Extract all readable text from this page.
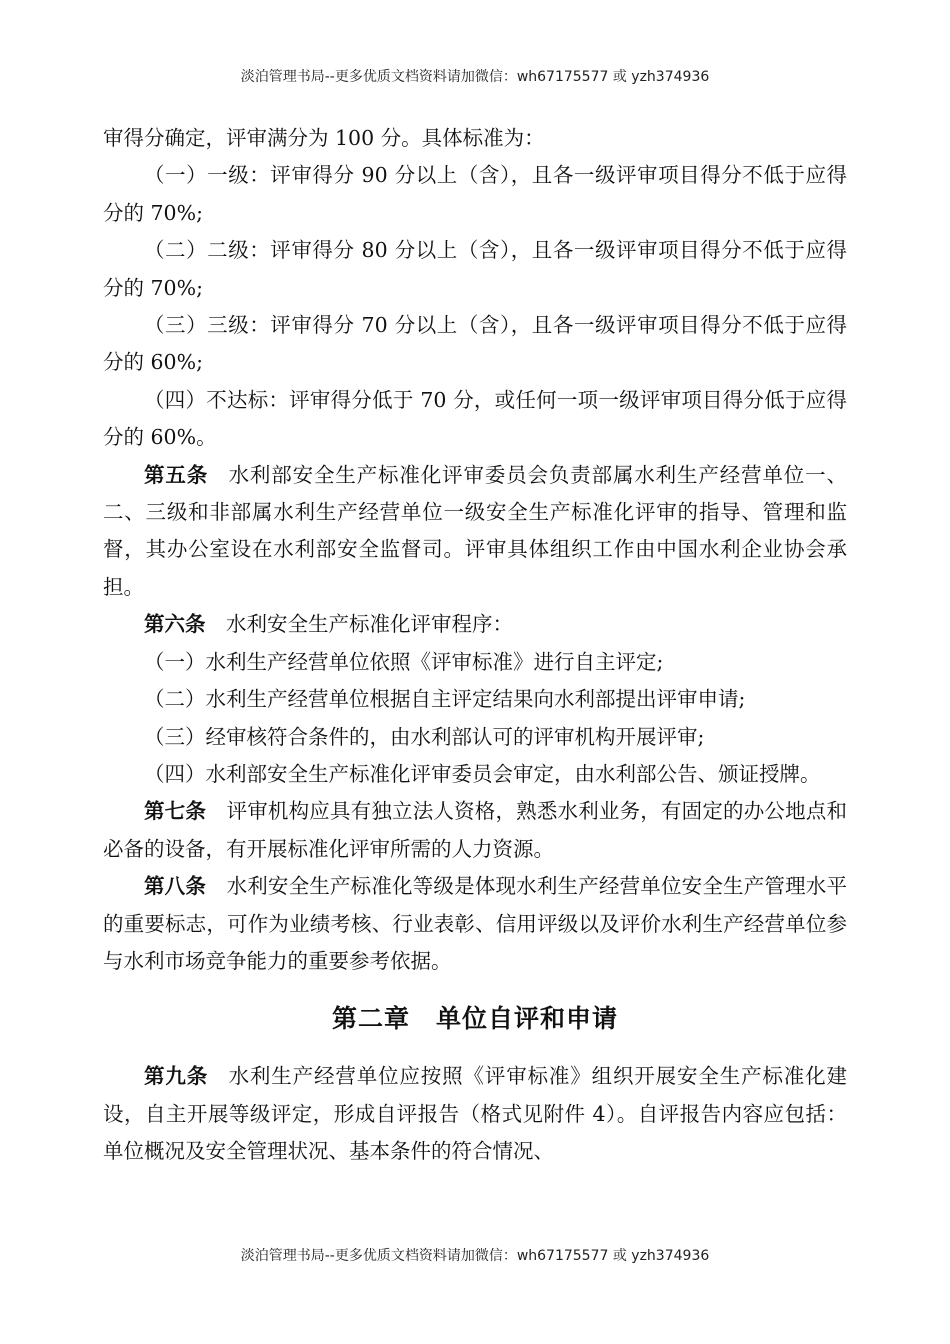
淡泊管理书局--更多优质文档资料请加微信：wh67175577 或 yzh374936

审得分确定，评审满分为 100 分。具体标准为：

（一）一级：评审得分 90 分以上（含），且各一级评审项目得分不低于应得分的 70%;

（二）二级：评审得分 80 分以上（含），且各一级评审项目得分不低于应得分的 70%;

（三）三级：评审得分 70 分以上（含），且各一级评审项目得分不低于应得分的 60%;

（四）不达标：评审得分低于 70 分，或任何一项一级评审项目得分低于应得分的 60%。

第五条 水利部安全生产标准化评审委员会负责部属水利生产经营单位一、二、三级和非部属水利生产经营单位一级安全生产标准化评审的指导、管理和监督，其办公室设在水利部安全监督司。评审具体组织工作由中国水利企业协会承担。

第六条 水利安全生产标准化评审程序：

（一）水利生产经营单位依照《评审标准》进行自主评定;

（二）水利生产经营单位根据自主评定结果向水利部提出评审申请;

（三）经审核符合条件的，由水利部认可的评审机构开展评审;

（四）水利部安全生产标准化评审委员会审定，由水利部公告、颁证授牌。

第七条 评审机构应具有独立法人资格，熟悉水利业务，有固定的办公地点和必备的设备，有开展标准化评审所需的人力资源。

第八条 水利安全生产标准化等级是体现水利生产经营单位安全生产管理水平的重要标志，可作为业绩考核、行业表彰、信用评级以及评价水利生产经营单位参与水利市场竞争能力的重要参考依据。

第二章　单位自评和申请

第九条 水利生产经营单位应按照《评审标准》组织开展安全生产标准化建设，自主开展等级评定，形成自评报告（格式见附件 4）。自评报告内容应包括：单位概况及安全管理状况、基本条件的符合情况、

淡泊管理书局--更多优质文档资料请加微信：wh67175577 或 yzh374936
